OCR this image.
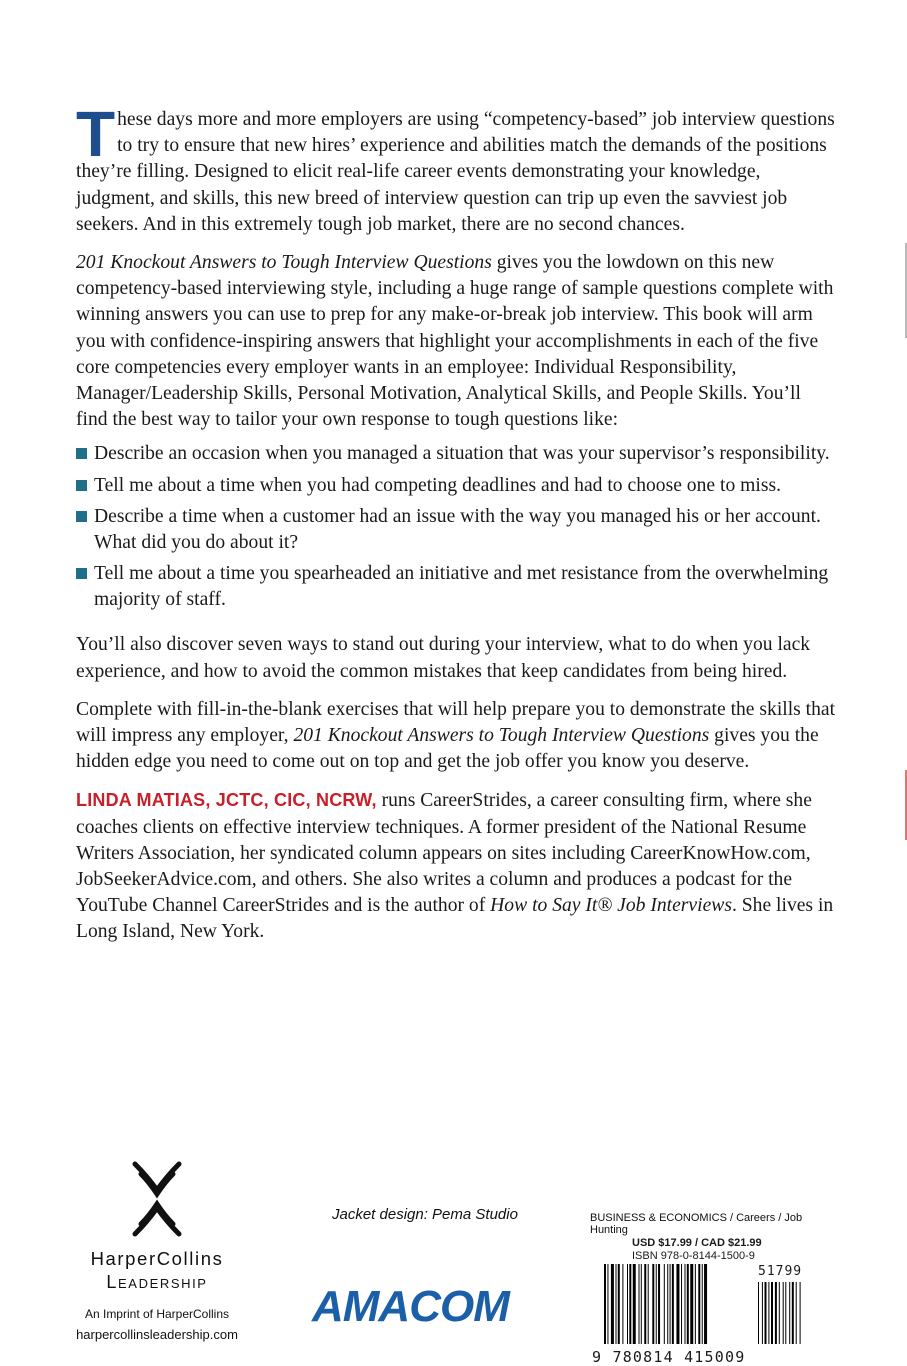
These days more and more employers are using “competency-based” job interview questions to try to ensure that new hires’ experience and abilities match the demands of the positions they’re filling. Designed to elicit real-life career events demonstrating your knowledge, judgment, and skills, this new breed of interview question can trip up even the savviest job seekers. And in this extremely tough job market, there are no second chances.

201 Knockout Answers to Tough Interview Questions gives you the lowdown on this new competency-based interviewing style, including a huge range of sample questions complete with winning answers you can use to prep for any make-or-break job interview. This book will arm you with confidence-inspiring answers that highlight your accomplishments in each of the five core competencies every employer wants in an employee: Individual Responsibility, Manager/Leadership Skills, Personal Motivation, Analytical Skills, and People Skills. You’ll find the best way to tailor your own response to tough questions like:

Describe an occasion when you managed a situation that was your supervisor’s responsibility.
Tell me about a time when you had competing deadlines and had to choose one to miss.
Describe a time when a customer had an issue with the way you managed his or her account. What did you do about it?
Tell me about a time you spearheaded an initiative and met resistance from the overwhelming majority of staff.

You’ll also discover seven ways to stand out during your interview, what to do when you lack experience, and how to avoid the common mistakes that keep candidates from being hired.

Complete with fill-in-the-blank exercises that will help prepare you to demonstrate the skills that will impress any employer, 201 Knockout Answers to Tough Interview Questions gives you the hidden edge you need to come out on top and get the job offer you know you deserve.

LINDA MATIAS, JCTC, CIC, NCRW, runs CareerStrides, a career consulting firm, where she coaches clients on effective interview techniques. A former president of the National Resume Writers Association, her syndicated column appears on sites including CareerKnowHow.com, JobSeekerAdvice.com, and others. She also writes a column and produces a podcast for the YouTube Channel CareerStrides and is the author of How to Say It® Job Interviews. She lives in Long Island, New York.

HarperCollins
Leadership
An Imprint of HarperCollins
harpercollinsleadership.com
Jacket design: Pema Studio
AMACOM
BUSINESS & ECONOMICS / Careers / Job Hunting
USD $17.99 / CAD $21.99
ISBN 978-0-8144-1500-9
51799
9 780814 415009
